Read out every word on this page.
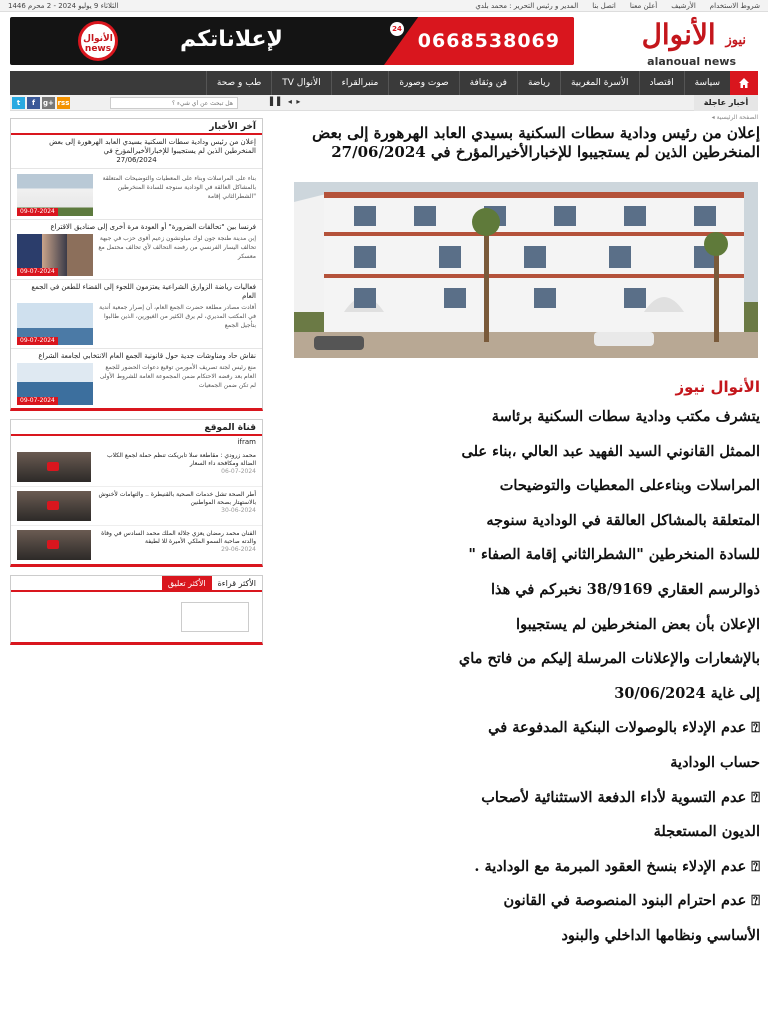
شروط الاستخدام
الأرشيف
أعلن معنا
اتصل بنا
المدير و رئيس التحرير : محمد بلدي
الثلاثاء 9 يوليو 2024 - 2 محرم 1446
24
0668538069
لإعلاناتكم
الأنوال news
نيوز الأنوال
alanoual news
سياسة
اقتصاد
الأسرة المغربية
رياضة
فن وثقافة
صوت وصورة
منبرالقراء
الأنوال TV
طب و صحة
t	f	g+ rss
هل تبحث عن أي شيء ؟	▌▌ ◂ ▸	أخبار عاجلة
الصفحة الرئيسية ◂
آخر الأخبار
إعلان من رئيس ودادية سطات السكنية بسيدي العابد الهرهورة إلى بعض المنخرطين الذين لم يستجيبوا للإخبارالأخيرالمؤرخ في
27/06/2024
09-07-2024
بناء على المراسلات وبناء على المعطيات والتوضيحات المتعلقة بالمشاكل العالقة في الودادية سنوجه للسادة المنخرطين "الشطرالثاني إقامة
فرنسا بين "تحالفات الضرورة" أو العودة مرة أخرى إلى صناديق الاقتراع
09-07-2024
إبن مدينة طنجة جون لوك ميلونشون زعيم أقوى حزب في جبهة تحالف اليسار الفرنسي من رفضه التحالف لأي تحالف محتمل مع معسكر
فعاليات رياضة الزوارق الشراعية يعتزمون اللجوء إلى القضاء للطعن في الجمع العام
09-07-2024
أفادت مصادر مطلعة حضرت الجمع العام، أن إصرار جمعية أندية في المكتب المديري، لم يرق الكثير من الغيورين، الذين طالبوا بتأجيل الجمع
نقاش حاد ومناوشات جدية حول قانونية الجمع العام الانتخابي لجامعة الشراع
09-07-2024
منع رئيس لجنة تصريف الأمورمن توقيع دعوات الحضور للجمع العام بعد رفضه الاحتكام ضمن المجموعة العامة للشروط الأولى لم تكن ضمن الجمعيات
قناة الموقع
ifram
محمد زرودي : مقاطعة سلا تابريكت تنظم حملة لجمع الكلاب الضالة ومكافحة داء السعار
06-07-2024
أطر الصحة تشل خدمات الصحية بالقنيطرة .. والتهامات لأخنوش بالاستهتار بصحة المواطنين
30-06-2024
الفنان محمد رمضان يعزي جلالة الملك محمد السادس في وفاة والدته صاحبة السمو الملكي الأميرة للا لطيفة
29-06-2024
الأكثر قراءة
الأكثر تعليق
إعلان من رئيس ودادية سطات السكنية بسيدي العابد الهرهورة إلى بعض المنخرطين الذين لم يستجيبوا للإخبارالأخيرالمؤرخ في 27/06/2024
الأنوال نيوز

يتشرف مكتب ودادية سطات السكنية برئاسة

الممثل القانوني السيد الفهيد عبد العالي ،بناء على

المراسلات وبناءعلى المعطيات والتوضيحات

المتعلقة بالمشاكل العالقة في الودادية سنوجه

للسادة المنخرطين "الشطرالثاني إقامة الصفاء "

ذوالرسم العقاري 38/9169 نخبركم في هذا

الإعلان بأن بعض المنخرطين لم يستجيبوا

بالإشعارات والإعلانات المرسلة إليكم من فاتح ماي

إلى غاية 30/06/2024

⍰ عدم الإدلاء بالوصولات البنكية المدفوعة في

حساب الودادية

⍰ عدم التسوية لأداء الدفعة الاستثنائية لأصحاب

الديون المستعجلة

⍰ عدم الإدلاء بنسخ العقود المبرمة مع الودادية .

⍰ عدم احترام البنود المنصوصة في القانون

الأساسي ونظامها الداخلي والبنود
